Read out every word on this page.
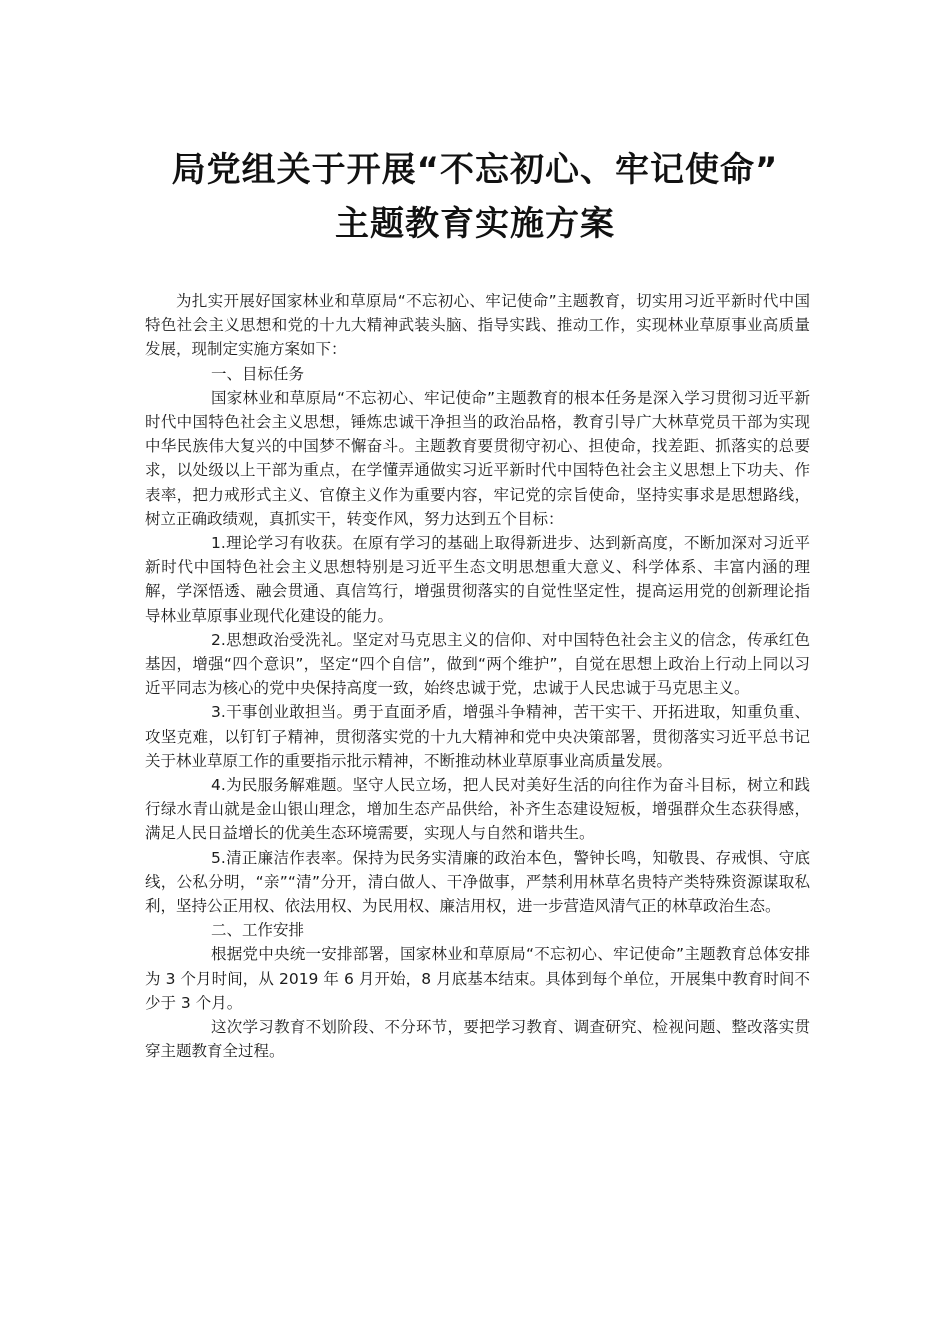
局党组关于开展“不忘初心、牢记使命”
主题教育实施方案

为扎实开展好国家林业和草原局“不忘初心、牢记使命”主题教育，切实用习近平新时代中国特色社会主义思想和党的十九大精神武装头脑、指导实践、推动工作，实现林业草原事业高质量发展，现制定实施方案如下：

一、目标任务

国家林业和草原局“不忘初心、牢记使命”主题教育的根本任务是深入学习贯彻习近平新时代中国特色社会主义思想，锤炼忠诚干净担当的政治品格，教育引导广大林草党员干部为实现中华民族伟大复兴的中国梦不懈奋斗。主题教育要贯彻守初心、担使命，找差距、抓落实的总要求，以处级以上干部为重点，在学懂弄通做实习近平新时代中国特色社会主义思想上下功夫、作表率，把力戒形式主义、官僚主义作为重要内容，牢记党的宗旨使命，坚持实事求是思想路线，树立正确政绩观，真抓实干，转变作风，努力达到五个目标：

1.理论学习有收获。在原有学习的基础上取得新进步、达到新高度，不断加深对习近平新时代中国特色社会主义思想特别是习近平生态文明思想重大意义、科学体系、丰富内涵的理解，学深悟透、融会贯通、真信笃行，增强贯彻落实的自觉性坚定性，提高运用党的创新理论指导林业草原事业现代化建设的能力。

2.思想政治受洗礼。坚定对马克思主义的信仰、对中国特色社会主义的信念，传承红色基因，增强“四个意识”，坚定“四个自信”，做到“两个维护”，自觉在思想上政治上行动上同以习近平同志为核心的党中央保持高度一致，始终忠诚于党，忠诚于人民忠诚于马克思主义。

3.干事创业敢担当。勇于直面矛盾，增强斗争精神，苦干实干、开拓进取，知重负重、攻坚克难，以钉钉子精神，贯彻落实党的十九大精神和党中央决策部署，贯彻落实习近平总书记关于林业草原工作的重要指示批示精神，不断推动林业草原事业高质量发展。

4.为民服务解难题。坚守人民立场，把人民对美好生活的向往作为奋斗目标，树立和践行绿水青山就是金山银山理念，增加生态产品供给，补齐生态建设短板，增强群众生态获得感，满足人民日益增长的优美生态环境需要，实现人与自然和谐共生。

5.清正廉洁作表率。保持为民务实清廉的政治本色，警钟长鸣，知敬畏、存戒惧、守底线，公私分明，“亲”“清”分开，清白做人、干净做事，严禁利用林草名贵特产类特殊资源谋取私利，坚持公正用权、依法用权、为民用权、廉洁用权，进一步营造风清气正的林草政治生态。

二、工作安排

根据党中央统一安排部署，国家林业和草原局“不忘初心、牢记使命”主题教育总体安排为 3 个月时间，从 2019 年 6 月开始，8 月底基本结束。具体到每个单位，开展集中教育时间不少于 3 个月。

这次学习教育不划阶段、不分环节，要把学习教育、调查研究、检视问题、整改落实贯穿主题教育全过程。
